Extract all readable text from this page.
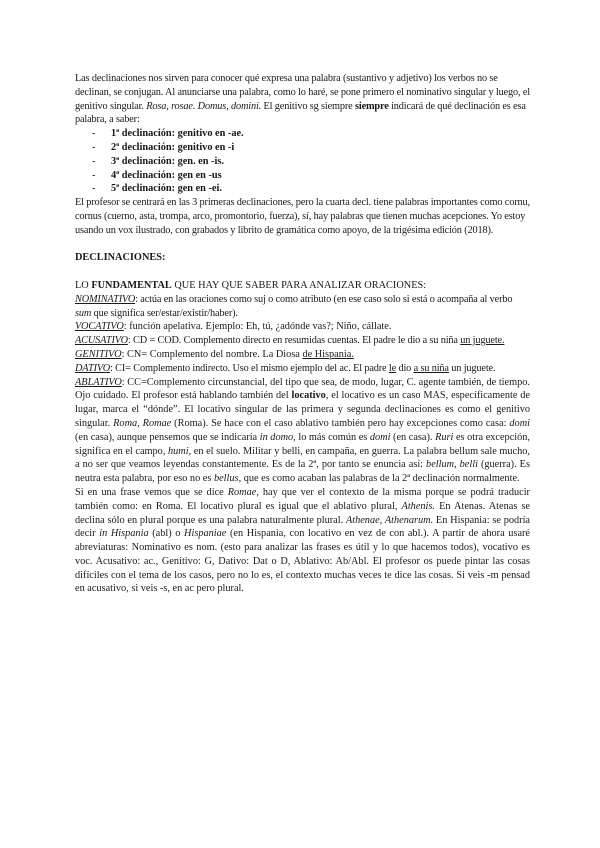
Las declinaciones nos sirven para conocer qué expresa una palabra (sustantivo y adjetivo) los verbos no se declinan, se conjugan. Al anunciarse una palabra, como lo haré, se pone primero el nominativo singular y luego, el genitivo singular. Rosa, rosae. Domus, domini. El genitivo sg siempre siempre indicará de qué declinación es esa palabra, a saber:

- 1ª declinación: genitivo en -ae.
- 2ª declinación: genitivo en -i
- 3ª declinación: gen. en -is.
- 4ª declinación: gen en -us
- 5ª declinación: gen en -ei.

El profesor se centrará en las 3 primeras declinaciones, pero la cuarta decl. tiene palabras importantes como cornu, cornus (cuerno, asta, trompa, arco, promontorio, fuerza), sí, hay palabras que tienen muchas acepciones. Yo estoy usando un vox ilustrado, con grabados y librito de gramática como apoyo, de la trigésima edición (2018).

DECLINACIONES:

LO FUNDAMENTAL QUE HAY QUE SABER PARA ANALIZAR ORACIONES:

NOMINATIVO: actúa en las oraciones como suj o como atributo (en ese caso solo si está o acompaña al verbo sum que significa ser/estar/existir/haber).

VOCATIVO: función apelativa. Ejemplo: Eh, tú, ¿adónde vas?; Niño, cállate.

ACUSATIVO: CD = COD. Complemento directo en resumidas cuentas. El padre le dio a su niña un juguete.

GENITIVO: CN= Complemento del nombre. La Diosa de Hispania.

DATIVO: CI= Complemento indirecto. Uso el mismo ejemplo del ac. El padre le dio a su niña un juguete.

ABLATIVO: CC=Complemento circunstancial, del tipo que sea, de modo, lugar, C. agente también, de tiempo. Ojo cuidado. El profesor está hablando también del locativo, el locativo es un caso MAS, específicamente de lugar, marca el “dónde”. El locativo singular de las primera y segunda declinaciones es como el genitivo singular. Roma, Romae (Roma). Se hace con el caso ablativo también pero hay excepciones como casa: domi (en casa), aunque pensemos que se indicaría in domo, lo más común es domi (en casa). Ruri es otra excepción, significa en el campo, humi, en el suelo. Militar y belli, en campaña, en guerra. La palabra bellum sale mucho, a no ser que veamos leyendas constantemente. Es de la 2ª, por tanto se enuncia así: bellum, belli (guerra). Es neutra esta palabra, por eso no es bellus, que es como acaban las palabras de la 2ª declinación normalmente.

Si en una frase vemos que se dice Romae, hay que ver el contexto de la misma porque se podrá traducir también como: en Roma. El locativo plural es igual que el ablativo plural, Athenis. En Atenas. Atenas se declina sólo en plural porque es una palabra naturalmente plural. Athenae, Athenarum. En Hispania: se podría decir in Hispania (abl) o Hispaniae (en Hispania, con locativo en vez de con abl.). A partir de ahora usaré abreviaturas: Nominativo es nom. (esto para analizar las frases es útil y lo que hacemos todos), vocativo es voc. Acusativo: ac., Genitivo: G, Dativo: Dat o D, Ablativo: Ab/Abl. El profesor os puede pintar las cosas difíciles con el tema de los casos, pero no lo es, el contexto muchas veces te dice las cosas. Si veis -m pensad en acusativo, si veis -s, en ac pero plural.
